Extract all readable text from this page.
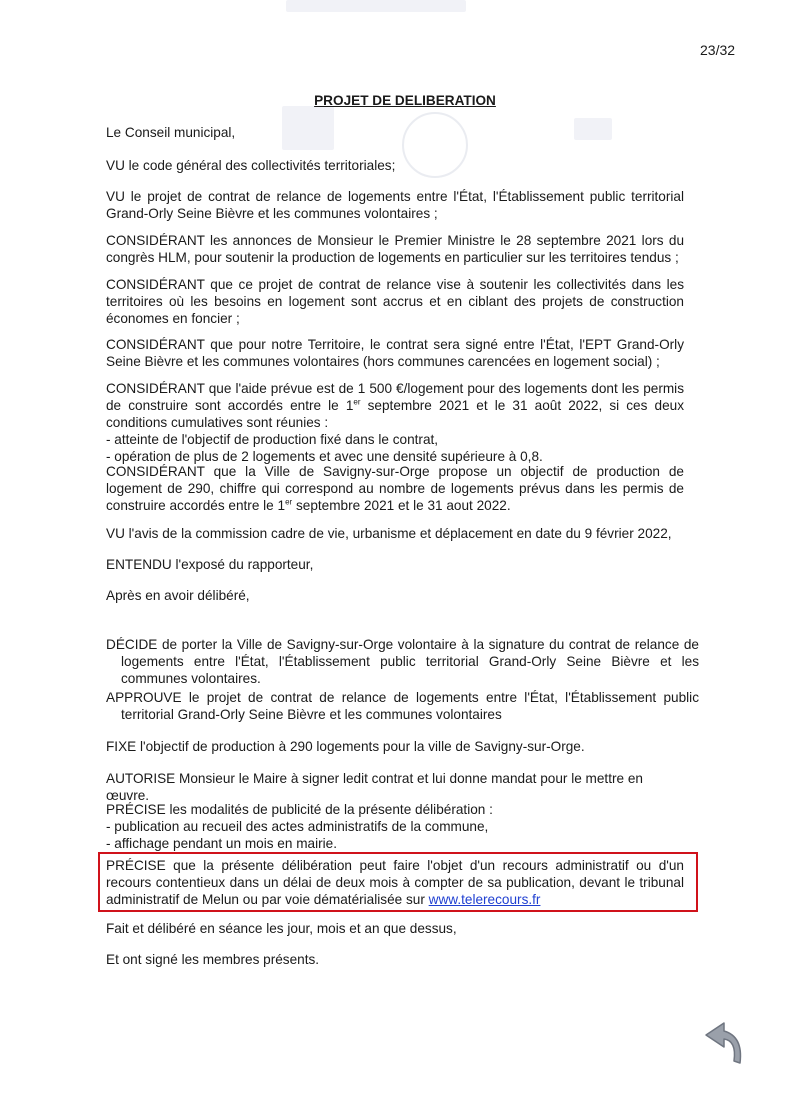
23/32
PROJET DE DELIBERATION

Le Conseil municipal,

VU le code général des collectivités territoriales;

VU le projet de contrat de relance de logements entre l'État, l'Établissement public territorial Grand-Orly Seine Bièvre et les communes volontaires ;

CONSIDÉRANT les annonces de Monsieur le Premier Ministre le 28 septembre 2021 lors du congrès HLM, pour soutenir la production de logements en particulier sur les territoires tendus ;

CONSIDÉRANT que ce projet de contrat de relance vise à soutenir les collectivités dans les territoires où les besoins en logement sont accrus et en ciblant des projets de construction économes en foncier ;

CONSIDÉRANT que pour notre Territoire, le contrat sera signé entre l'État, l'EPT Grand-Orly Seine Bièvre et les communes volontaires (hors communes carencées en logement social) ;

CONSIDÉRANT que l'aide prévue est de 1 500 €/logement pour des logements dont les permis de construire sont accordés entre le 1er septembre 2021 et le 31 août 2022, si ces deux conditions cumulatives sont réunies :
- atteinte de l'objectif de production fixé dans le contrat,
- opération de plus de 2 logements et avec une densité supérieure à 0,8.
CONSIDÉRANT que la Ville de Savigny-sur-Orge propose un objectif de production de logement de 290, chiffre qui correspond au nombre de logements prévus dans les permis de construire accordés entre le 1er septembre 2021 et le 31 aout 2022.

VU l'avis de la commission cadre de vie, urbanisme et déplacement en date du 9 février 2022,

ENTENDU l'exposé du rapporteur,

Après en avoir délibéré,

DÉCIDE de porter la Ville de Savigny-sur-Orge volontaire à la signature du contrat de relance de logements entre l'État, l'Établissement public territorial Grand-Orly Seine Bièvre et les communes volontaires.

APPROUVE le projet de contrat de relance de logements entre l'État, l'Établissement public territorial Grand-Orly Seine Bièvre et les communes volontaires

FIXE l'objectif de production à 290 logements pour la ville de Savigny-sur-Orge.

AUTORISE Monsieur le Maire à signer ledit contrat et lui donne mandat pour le mettre en œuvre.

PRÉCISE les modalités de publicité de la présente délibération :
- publication au recueil des actes administratifs de la commune,
- affichage pendant un mois en mairie.
PRÉCISE que la présente délibération peut faire l'objet d'un recours administratif ou d'un recours contentieux dans un délai de deux mois à compter de sa publication, devant le tribunal administratif de Melun ou par voie dématérialisée sur www.telerecours.fr

Fait et délibéré en séance les jour, mois et an que dessus,

Et ont signé les membres présents.
